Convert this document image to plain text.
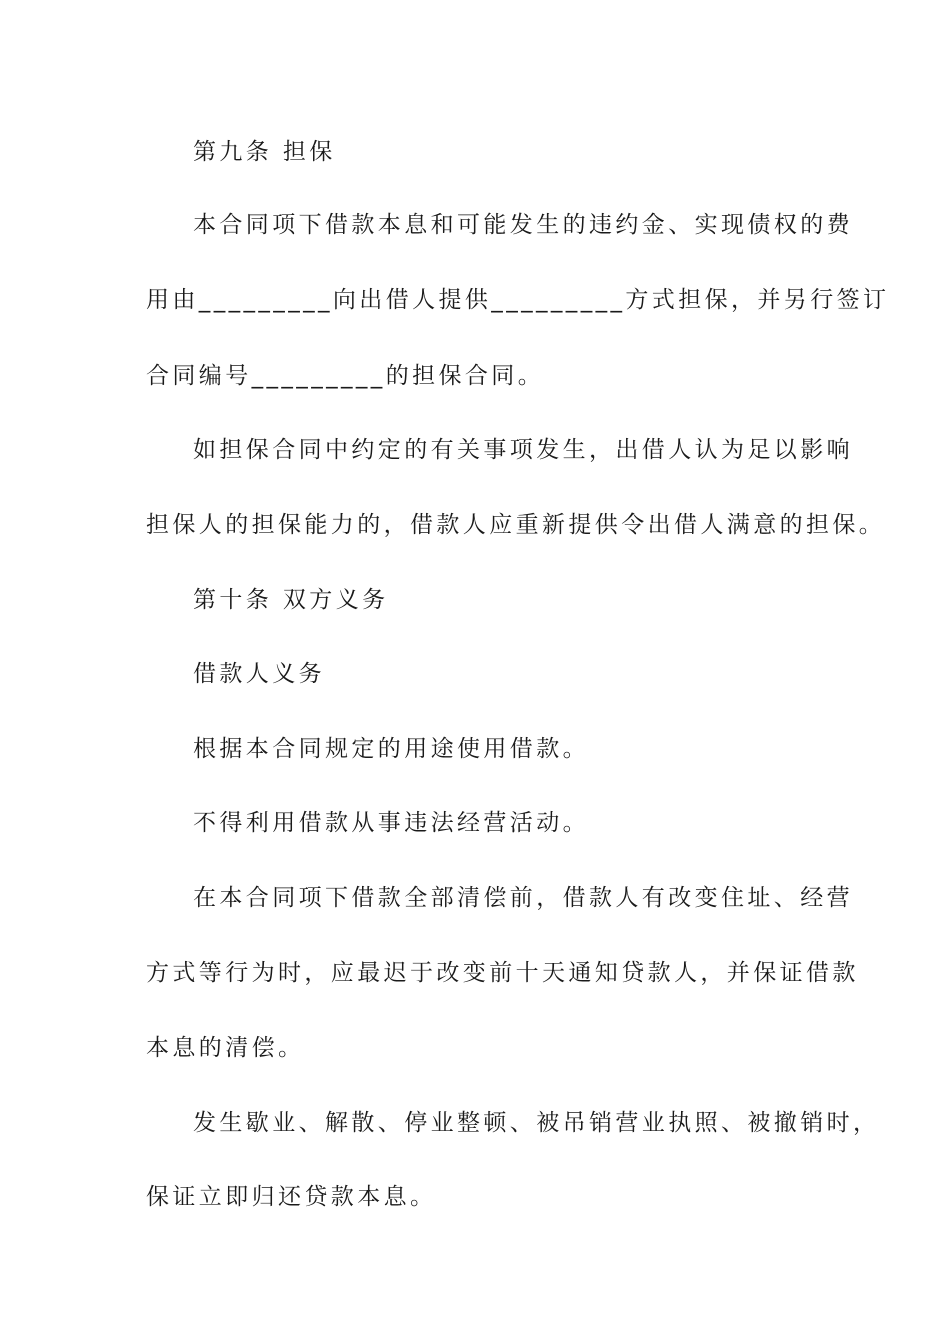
第九条 担保
本合同项下借款本息和可能发生的违约金、实现债权的费
用由_________向出借人提供_________方式担保，并另行签订
合同编号_________的担保合同。
如担保合同中约定的有关事项发生，出借人认为足以影响
担保人的担保能力的，借款人应重新提供令出借人满意的担保。
第十条 双方义务
借款人义务
根据本合同规定的用途使用借款。
不得利用借款从事违法经营活动。
在本合同项下借款全部清偿前，借款人有改变住址、经营
方式等行为时，应最迟于改变前十天通知贷款人，并保证借款
本息的清偿。
发生歇业、解散、停业整顿、被吊销营业执照、被撤销时，
保证立即归还贷款本息。
